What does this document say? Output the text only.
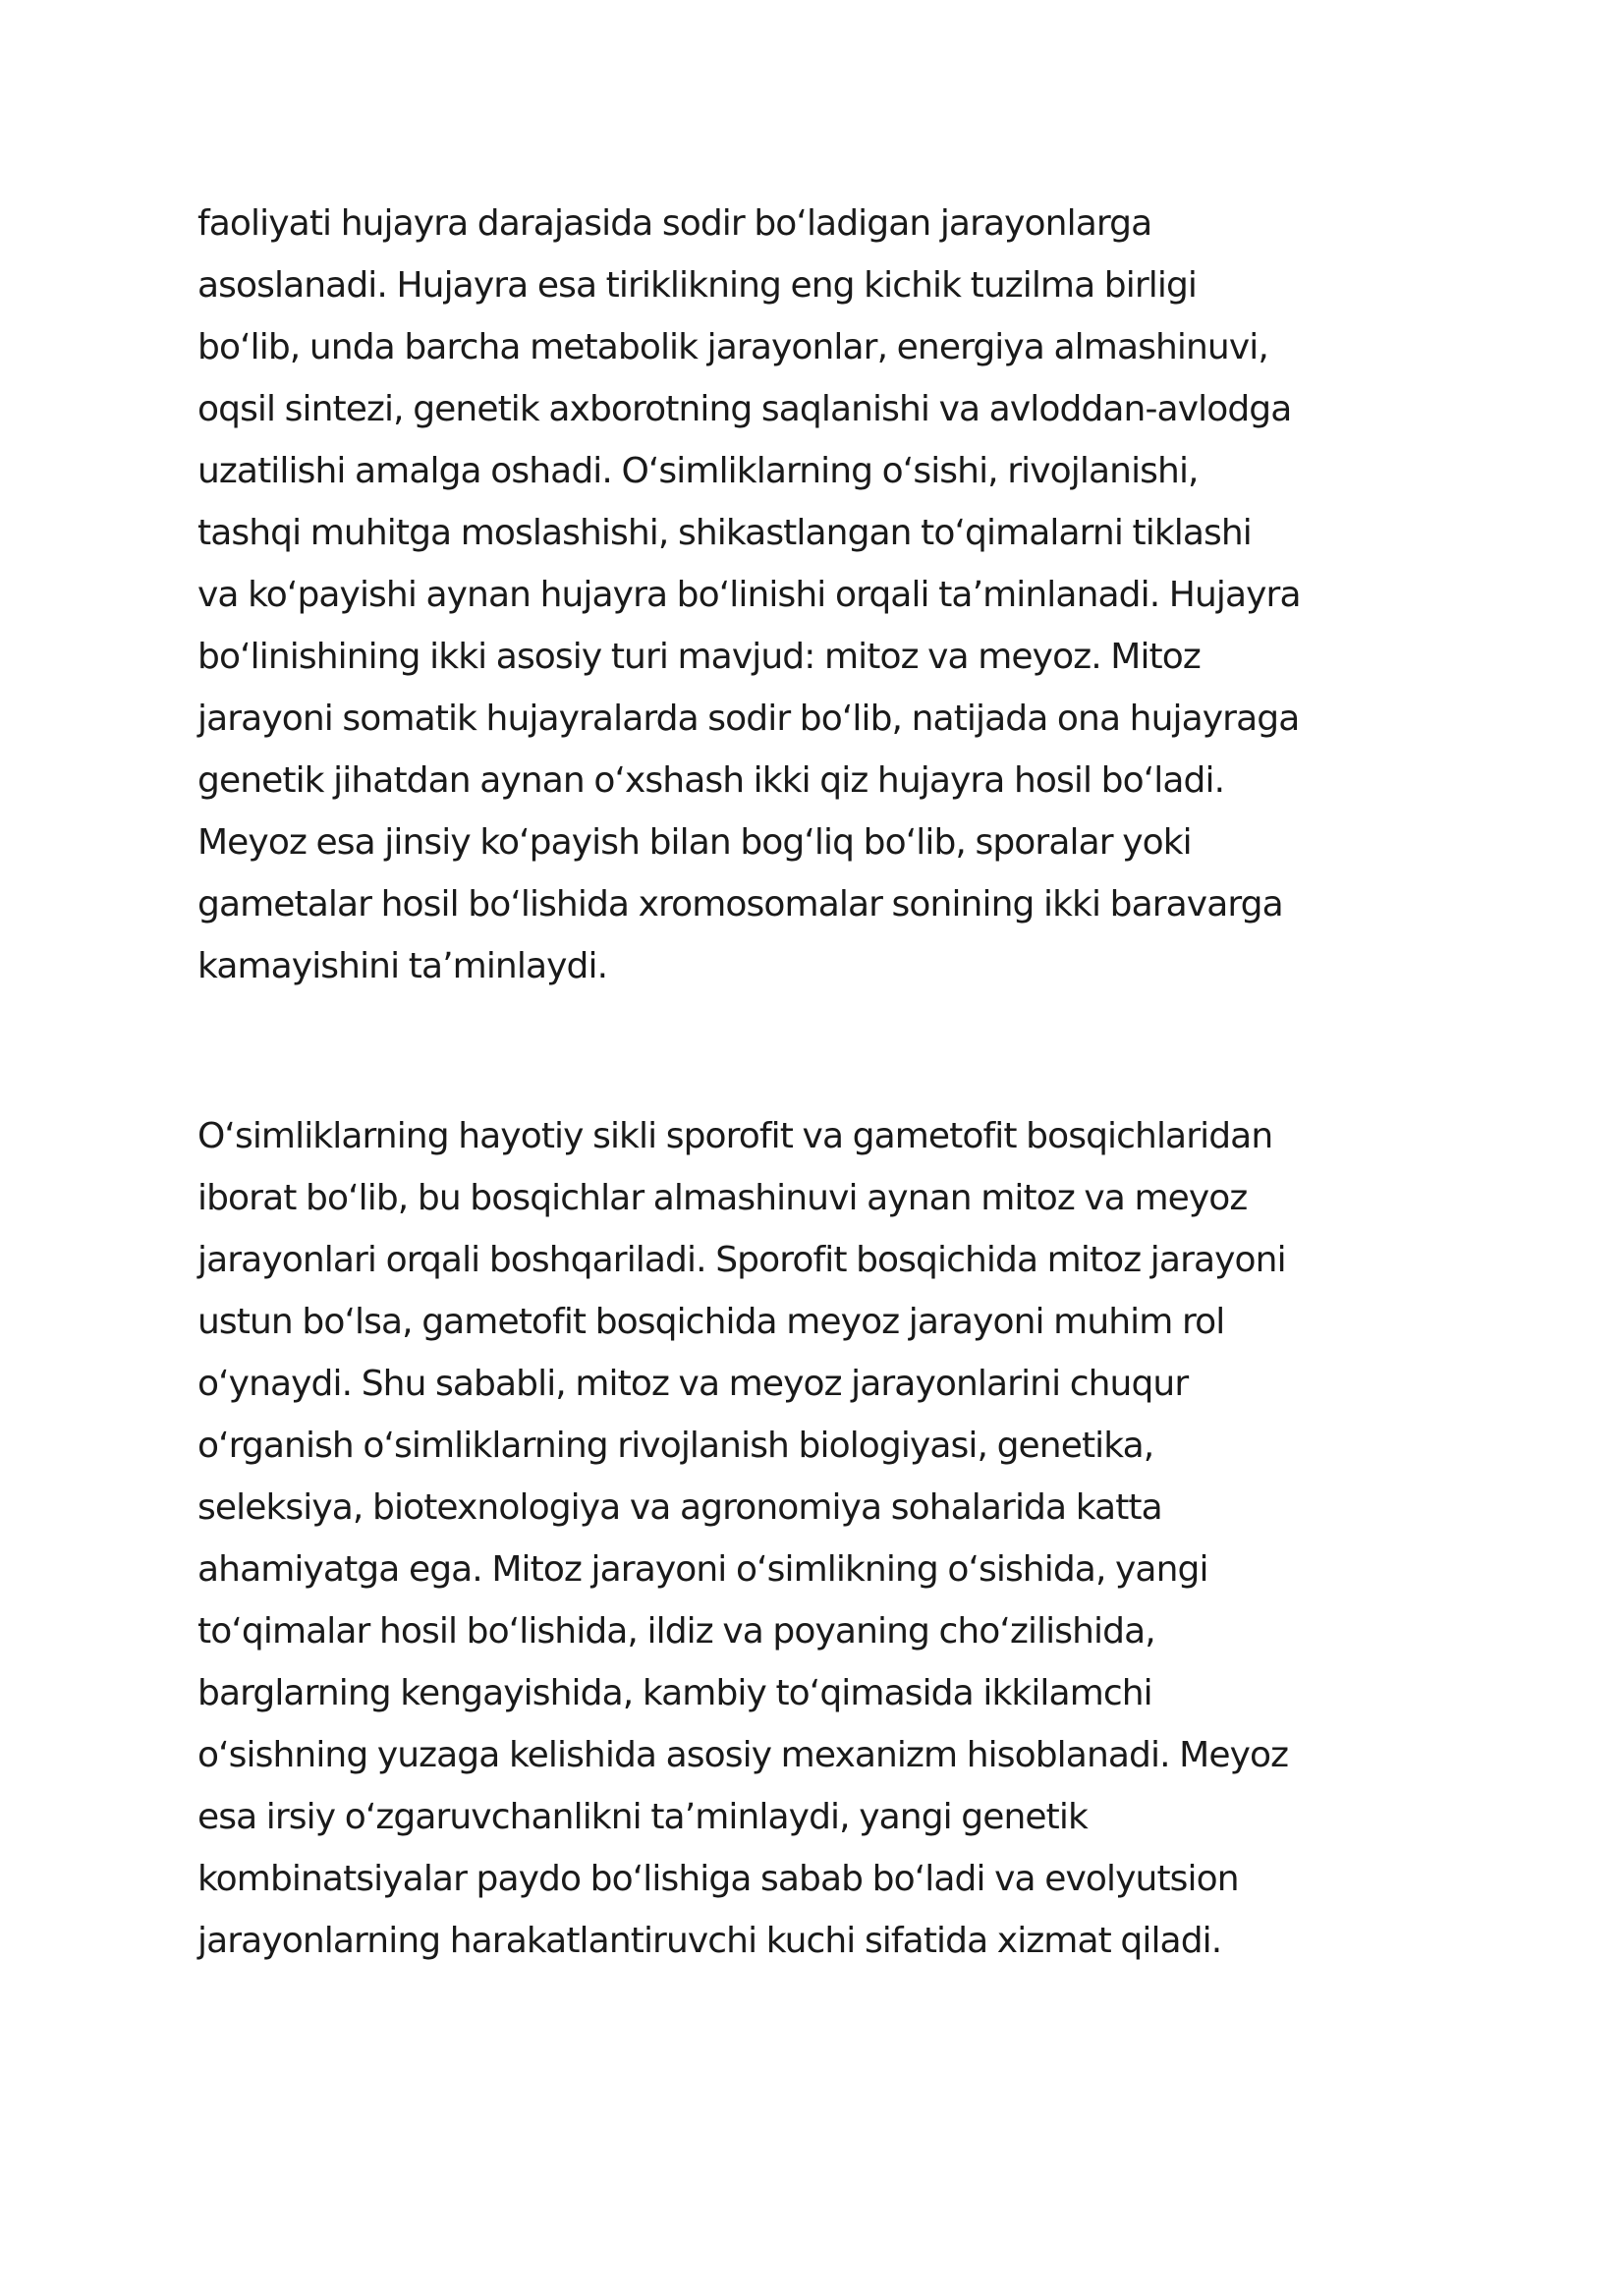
faoliyati hujayra darajasida sodir boʻladigan jarayonlarga
asoslanadi. Hujayra esa tiriklikning eng kichik tuzilma birligi
boʻlib, unda barcha metabolik jarayonlar, energiya almashinuvi,
oqsil sintezi, genetik axborotning saqlanishi va avloddan-avlodga
uzatilishi amalga oshadi. Oʻsimliklarning oʻsishi, rivojlanishi,
tashqi muhitga moslashishi, shikastlangan toʻqimalarni tiklashi
va koʻpayishi aynan hujayra boʻlinishi orqali taʼminlanadi. Hujayra
boʻlinishining ikki asosiy turi mavjud: mitoz va meyoz. Mitoz
jarayoni somatik hujayralarda sodir boʻlib, natijada ona hujayraga
genetik jihatdan aynan oʻxshash ikki qiz hujayra hosil boʻladi.
Meyoz esa jinsiy koʻpayish bilan bogʻliq boʻlib, sporalar yoki
gametalar hosil boʻlishida xromosomalar sonining ikki baravarga
kamayishini taʼminlaydi.
Oʻsimliklarning hayotiy sikli sporofit va gametofit bosqichlaridan
iborat boʻlib, bu bosqichlar almashinuvi aynan mitoz va meyoz
jarayonlari orqali boshqariladi. Sporofit bosqichida mitoz jarayoni
ustun boʻlsa, gametofit bosqichida meyoz jarayoni muhim rol
oʻynaydi. Shu sababli, mitoz va meyoz jarayonlarini chuqur
oʻrganish oʻsimliklarning rivojlanish biologiyasi, genetika,
seleksiya, biotexnologiya va agronomiya sohalarida katta
ahamiyatga ega. Mitoz jarayoni oʻsimlikning oʻsishida, yangi
toʻqimalar hosil boʻlishida, ildiz va poyaning choʻzilishida,
barglarning kengayishida, kambiy toʻqimasida ikkilamchi
oʻsishning yuzaga kelishida asosiy mexanizm hisoblanadi. Meyoz
esa irsiy oʻzgaruvchanlikni taʼminlaydi, yangi genetik
kombinatsiyalar paydo boʻlishiga sabab boʻladi va evolyutsion
jarayonlarning harakatlantiruvchi kuchi sifatida xizmat qiladi.
